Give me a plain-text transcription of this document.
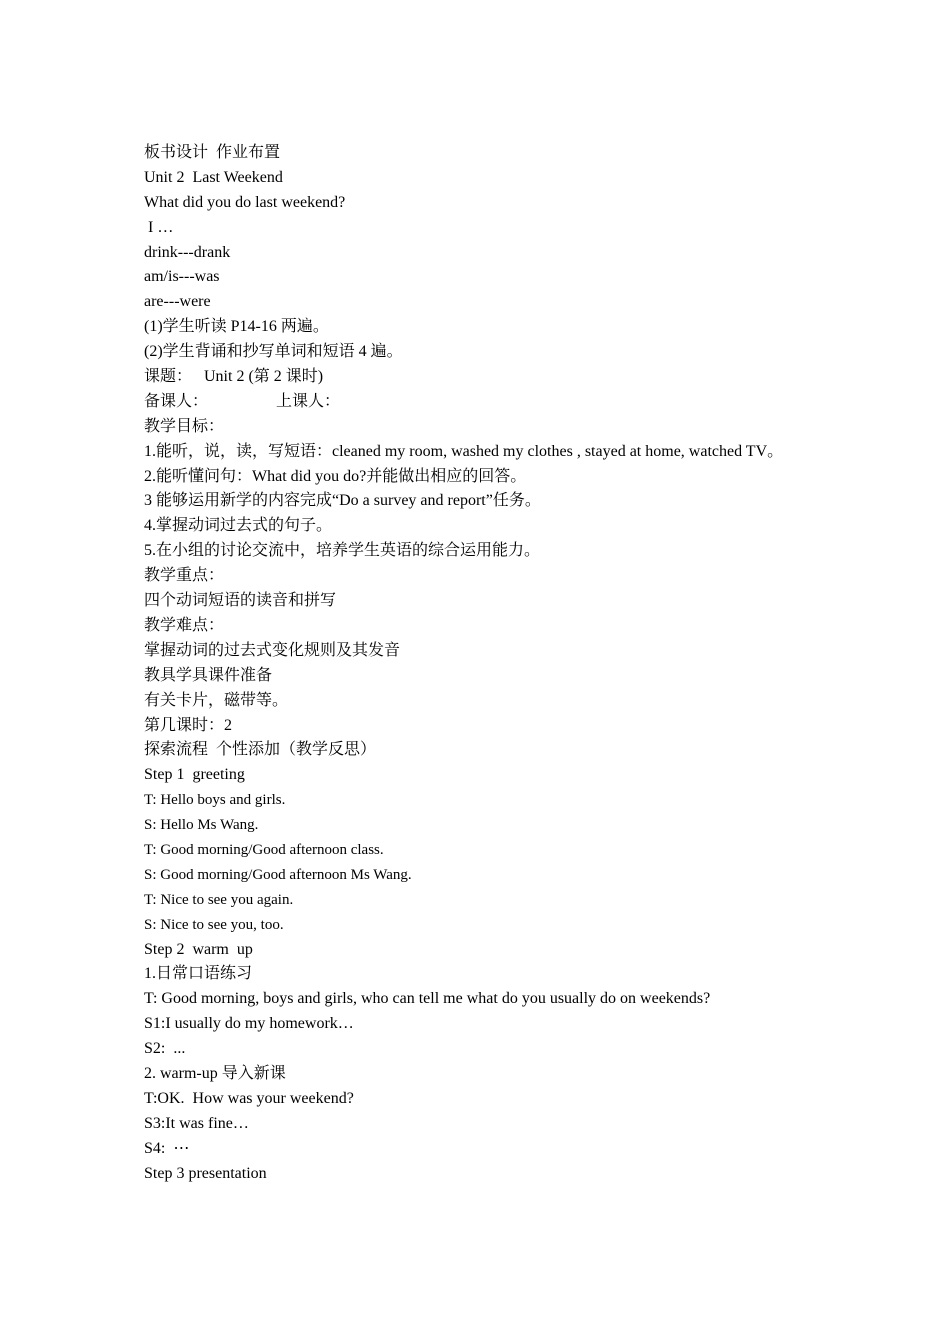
板书设计  作业布置
Unit 2  Last Weekend
What did you do last weekend?
I …
drink---drank
am/is---was
are---were
(1)学生听读 P14-16 两遍。
(2)学生背诵和抄写单词和短语 4 遍。
课题：   Unit 2 (第 2 课时)
备课人：                 上课人：
教学目标：
1.能听，说，读，写短语：cleaned my room, washed my clothes , stayed at home, watched TV。
2.能听懂问句：What did you do?并能做出相应的回答。
3 能够运用新学的内容完成“Do a survey and report”任务。
4.掌握动词过去式的句子。
5.在小组的讨论交流中，培养学生英语的综合运用能力。
教学重点：
四个动词短语的读音和拼写
教学难点：
掌握动词的过去式变化规则及其发音
教具学具课件准备
有关卡片，磁带等。
第几课时：2
探索流程  个性添加（教学反思）
Step 1  greeting
T: Hello boys and girls.
S: Hello Ms Wang.
T: Good morning/Good afternoon class.
S: Good morning/Good afternoon Ms Wang.
T: Nice to see you again.
S: Nice to see you, too.
Step 2  warm  up
1.日常口语练习
T: Good morning, boys and girls, who can tell me what do you usually do on weekends?
S1:I usually do my homework…
S2:  ...
2. warm-up 导入新课
T:OK.  How was your weekend?
S3:It was fine…
S4:  ⋯
Step 3 presentation
